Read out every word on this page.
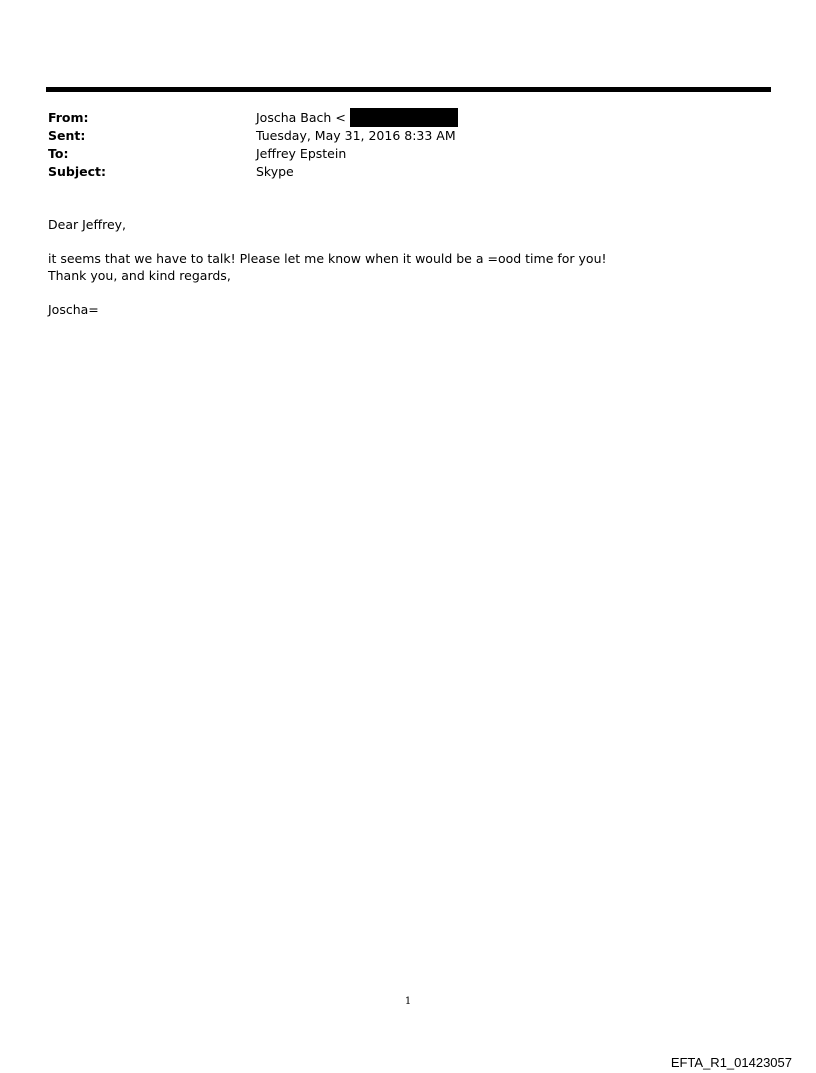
From:	Joscha Bach <
Sent:	Tuesday, May 31, 2016 8:33 AM
To:	Jeffrey Epstein
Subject:	Skype

Dear Jeffrey,

it seems that we have to talk! Please let me know when it would be a =ood time for you!

Thank you, and kind regards,

Joscha=

1
EFTA_R1_01423057
